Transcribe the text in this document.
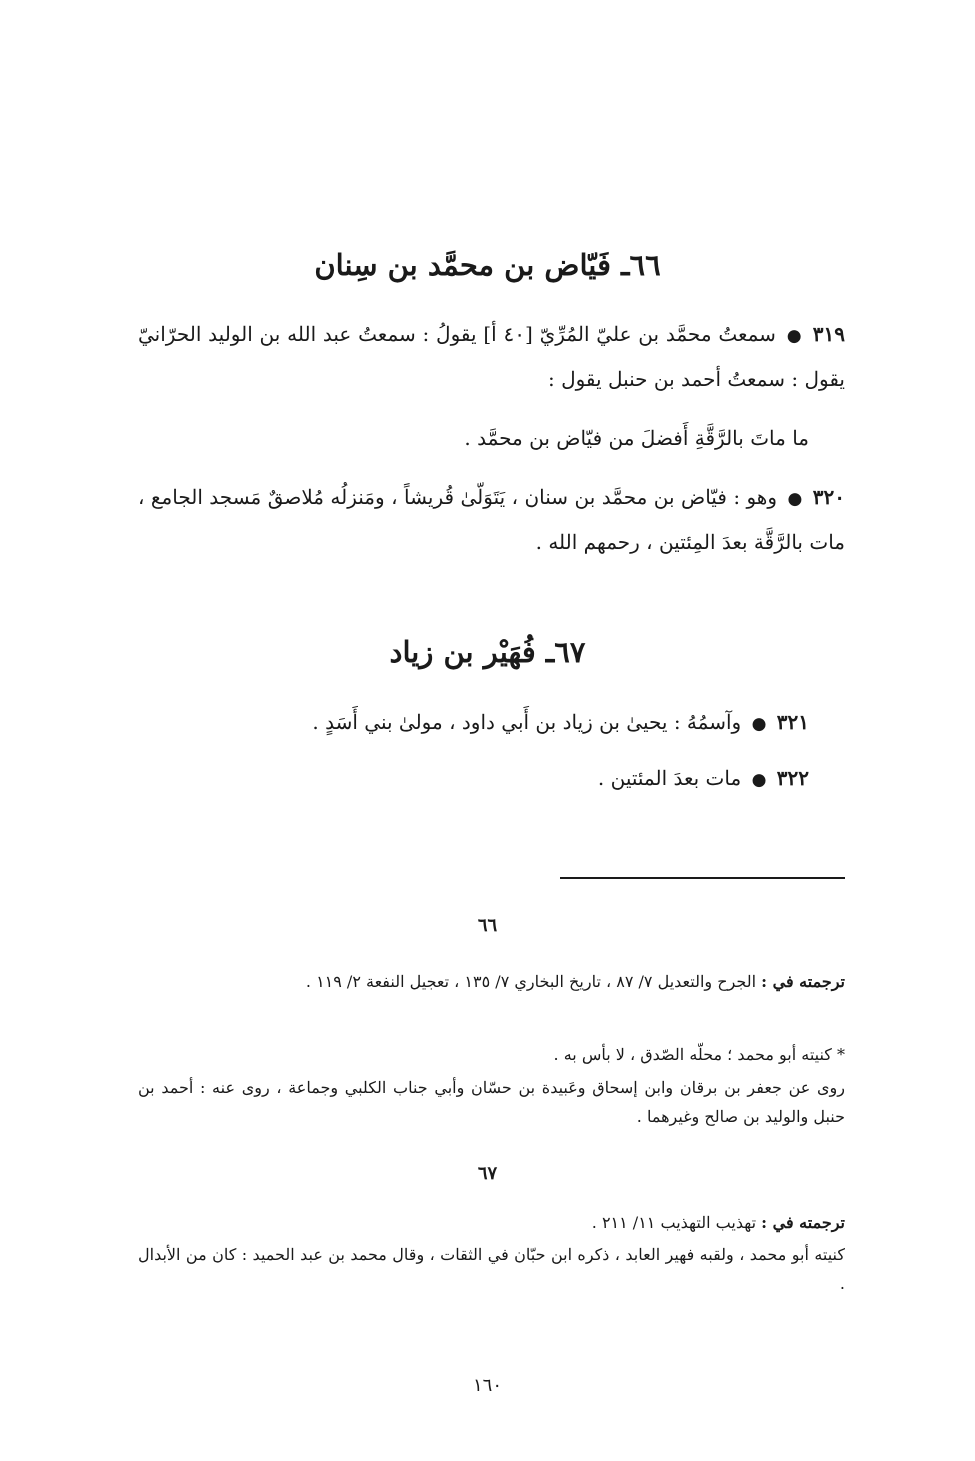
٦٦ـ فَيّاض بن محمَّد بن سِنان
٣١٩ ● سمعتُ محمَّد بن عليّ المُرِّيّ [٤٠ أ] يقولُ : سمعتُ عبد الله بن الوليد الحرّانيّ يقول : سمعتُ أحمد بن حنبل يقول :
ما ماتَ بالرَّقَّةِ أَفضلَ من فيّاض بن محمَّد .
٣٢٠ ● وهو : فيّاض بن محمَّد بن سنان ، يَتَوَلّىٰ قُريشاً ، ومَنزلُه مُلاصقٌ مَسجد الجامع ، مات بالرَّقَّة بعدَ المِئتين ، رحمهم الله .
٦٧ـ فُهَيْر بن زياد
٣٢١ ● وآسمُهُ : يحيىٰ بن زياد بن أَبي داود ، مولىٰ بني أَسَدٍ .
٣٢٢ ● مات بعدَ المئتين .
٦٦
ترجمته في : الجرح والتعديل ٧/ ٨٧ ، تاريخ البخاري ٧/ ١٣٥ ، تعجيل النفعة ٢/ ١١٩ .
* كنيته أبو محمد ؛ محلّه الصّدق ، لا بأس به .
روى عن جعفر بن برقان وابن إسحاق وعَبيدة بن حسّان وأبي جناب الكلبي وجماعة ، روى عنه : أحمد بن حنبل والوليد بن صالح وغيرهما .
٦٧
ترجمته في : تهذيب التهذيب ١١/ ٢١١ .
كنيته أبو محمد ، ولقبه فهير العابد ، ذكره ابن حبّان في الثقات ، وقال محمد بن عبد الحميد : كان من الأبدال .
١٦٠
